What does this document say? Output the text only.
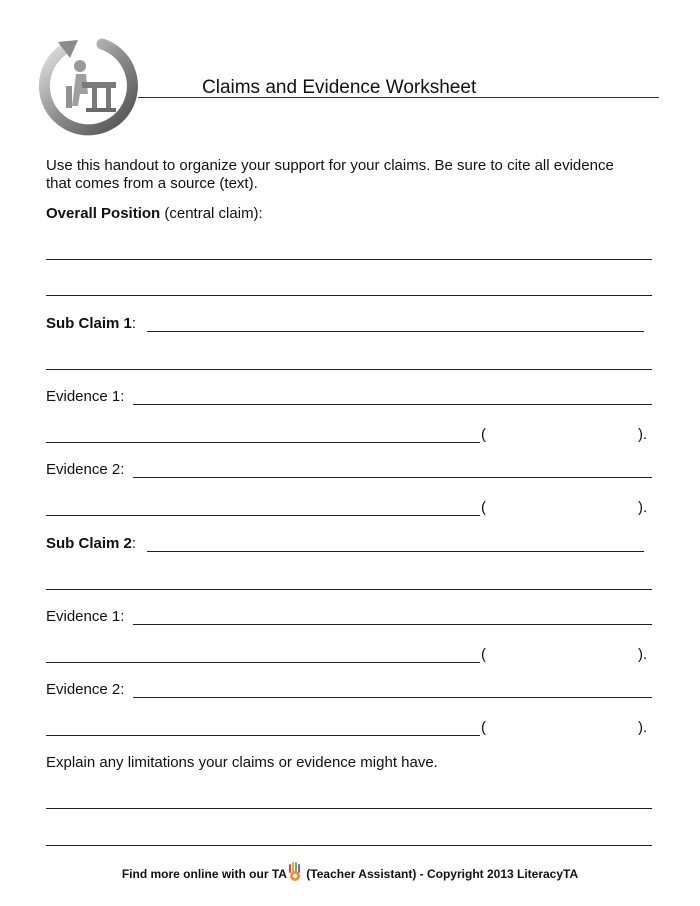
Claims and Evidence Worksheet
Use this handout to organize your support for your claims. Be sure to cite all evidence
that comes from a source (text).
Overall Position (central claim):
Sub Claim 1:
Evidence 1:
(	).
Evidence 2:
(	).
Sub Claim 2:
Evidence 1:
(	).
Evidence 2:
(	).
Explain any limitations your claims or evidence might have.
Find more online with our TA (Teacher Assistant) - Copyright 2013 LiteracyTA
